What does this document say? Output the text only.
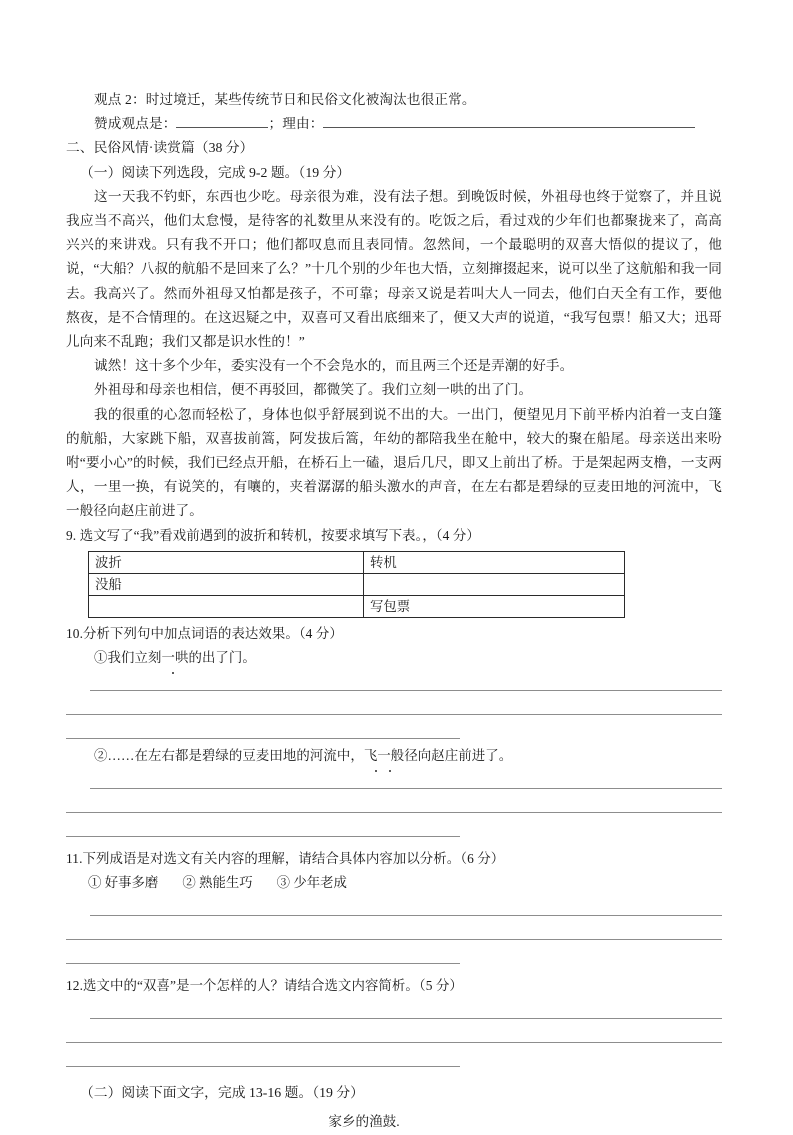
观点 2：时过境迁，某些传统节日和民俗文化被淘汰也很正常。
赞成观点是：	；理由：
二、民俗风情·读赏篇（38 分）
（一）阅读下列选段，完成 9-2 题。（19 分）

这一天我不钓虾，东西也少吃。母亲很为难，没有法子想。到晚饭时候，外祖母也终于觉察了，并且说我应当不高兴，他们太怠慢，是待客的礼数里从来没有的。吃饭之后，看过戏的少年们也都聚拢来了，高高兴兴的来讲戏。只有我不开口；他们都叹息而且表同情。忽然间，一个最聪明的双喜大悟似的提议了，他说，“大船？八叔的航船不是回来了么？”十几个别的少年也大悟，立刻撺掇起来，说可以坐了这航船和我一同去。我高兴了。然而外祖母又怕都是孩子，不可靠；母亲又说是若叫大人一同去，他们白天全有工作，要他熬夜，是不合情理的。在这迟疑之中，双喜可又看出底细来了，便又大声的说道，“我写包票！船又大；迅哥儿向来不乱跑；我们又都是识水性的！”

诚然！这十多个少年，委实没有一个不会凫水的，而且两三个还是弄潮的好手。

外祖母和母亲也相信，便不再驳回，都微笑了。我们立刻一哄的出了门。

我的很重的心忽而轻松了，身体也似乎舒展到说不出的大。一出门，便望见月下前平桥内泊着一支白篷的航船，大家跳下船，双喜拔前篙，阿发拔后篙，年幼的都陪我坐在舱中，较大的聚在船尾。母亲送出来吩咐“要小心”的时候，我们已经点开船，在桥石上一磕，退后几尺，即又上前出了桥。于是架起两支橹，一支两人，一里一换，有说笑的，有嚷的，夹着潺潺的船头激水的声音，在左右都是碧绿的豆麦田地的河流中，飞一般径向赵庄前进了。

9. 选文写了“我”看戏前遇到的波折和转机，按要求填写下表。，（4 分）
波折	转机
没船	
	写包票
10.分析下列句中加点词语的表达效果。（4 分）
①我们立刻一哄的出了门。
②……在左右都是碧绿的豆麦田地的河流中，飞一般径向赵庄前进了。
11.下列成语是对选文有关内容的理解，请结合具体内容加以分析。（6 分）
① 好事多磨 ② 熟能生巧 ③ 少年老成
12.选文中的“双喜”是一个怎样的人？请结合选文内容简析。（5 分）
（二）阅读下面文字，完成 13-16 题。（19 分）
家乡的渔鼓.
